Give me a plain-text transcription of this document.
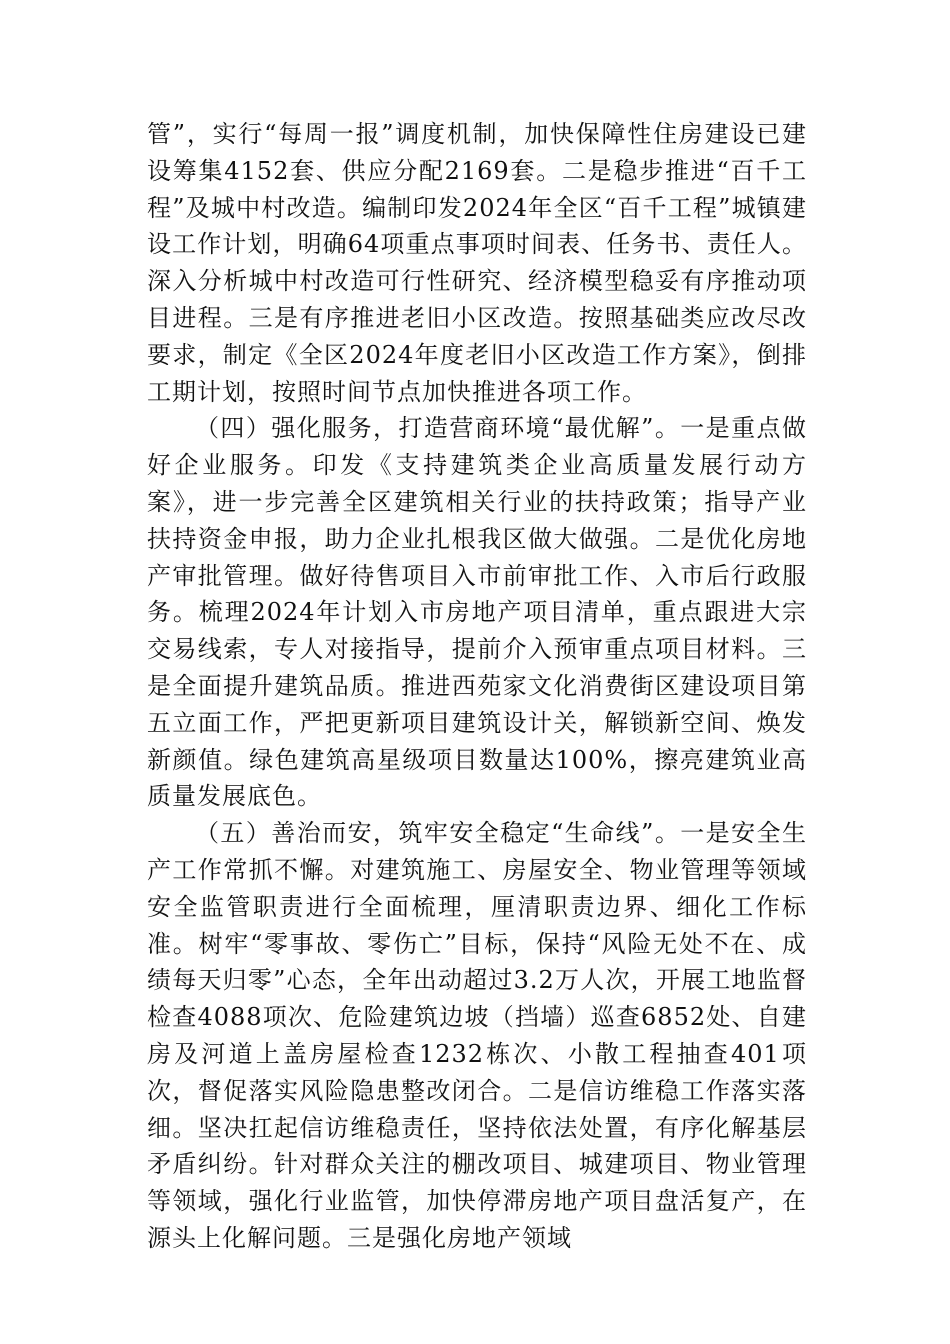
管”，实行“每周一报”调度机制，加快保障性住房建设已建设筹集4152套、供应分配2169套。二是稳步推进“百千工程”及城中村改造。编制印发2024年全区“百千工程”城镇建设工作计划，明确64项重点事项时间表、任务书、责任人。深入分析城中村改造可行性研究、经济模型稳妥有序推动项目进程。三是有序推进老旧小区改造。按照基础类应改尽改要求，制定《全区2024年度老旧小区改造工作方案》，倒排工期计划，按照时间节点加快推进各项工作。

（四）强化服务，打造营商环境“最优解”。一是重点做好企业服务。印发《支持建筑类企业高质量发展行动方案》，进一步完善全区建筑相关行业的扶持政策；指导产业扶持资金申报，助力企业扎根我区做大做强。二是优化房地产审批管理。做好待售项目入市前审批工作、入市后行政服务。梳理2024年计划入市房地产项目清单，重点跟进大宗交易线索，专人对接指导，提前介入预审重点项目材料。三是全面提升建筑品质。推进西苑家文化消费街区建设项目第五立面工作，严把更新项目建筑设计关，解锁新空间、焕发新颜值。绿色建筑高星级项目数量达100%，擦亮建筑业高质量发展底色。

（五）善治而安，筑牢安全稳定“生命线”。一是安全生产工作常抓不懈。对建筑施工、房屋安全、物业管理等领域安全监管职责进行全面梳理，厘清职责边界、细化工作标准。树牢“零事故、零伤亡”目标，保持“风险无处不在、成绩每天归零”心态，全年出动超过3.2万人次，开展工地监督检查4088项次、危险建筑边坡（挡墙）巡查6852处、自建房及河道上盖房屋检查1232栋次、小散工程抽查401项次，督促落实风险隐患整改闭合。二是信访维稳工作落实落细。坚决扛起信访维稳责任，坚持依法处置，有序化解基层矛盾纠纷。针对群众关注的棚改项目、城建项目、物业管理等领域，强化行业监管，加快停滞房地产项目盘活复产，在源头上化解问题。三是强化房地产领域
